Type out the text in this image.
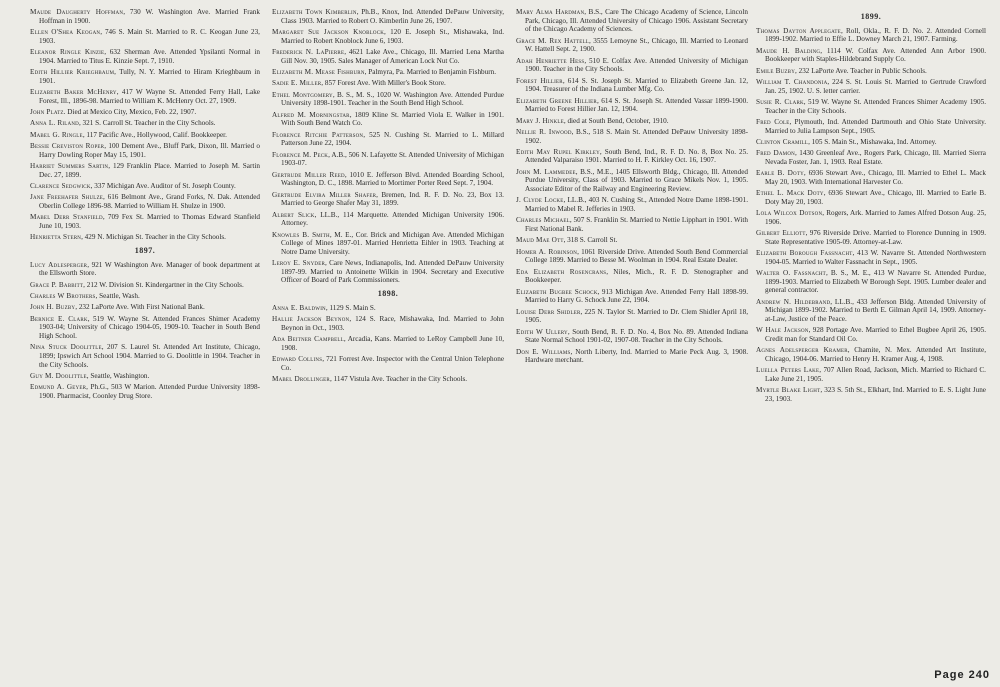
Maude Daugherty Hoffman, 730 W. Washington Ave. Married Frank Hoffman in 1900.
Ellen O'Shea Keogan, 746 S. Main St. Married to R. C. Keogan June 23, 1903.
Eleanor Ringle Kinzie, 632 Sherman Ave. Attended Ypsilanti Normal in 1904. Married to Titus E. Kinzie Sept. 7, 1910.
Edith Hillier Krieghbaum, Tully, N. Y. Married to Hiram Krieghbaum in 1901.
Elizabeth Baker McHenry, 417 W Wayne St. Attended Ferry Hall, Lake Forest, Ill., 1896-98. Married to William K. McHenry Oct. 27, 1909.
John Platz. Died at Mexico City, Mexico, Feb. 22, 1907.
Anna L. Riland, 321 S. Carroll St. Teacher in the City Schools.
Mabel G. Ringle, 117 Pacific Ave., Hollywood, Calif. Bookkeeper.
Bessie Creviston Roper, 100 Dement Ave., Bluff Park, Dixon, Ill. Married o Harry Dowling Roper May 15, 1901.
Harriet Summers Sartin, 129 Franklin Place. Married to Joseph M. Sartin Dec. 27, 1899.
Clarence Sedgwick, 337 Michigan Ave. Auditor of St. Joseph County.
Jane Freehafer Shulze, 616 Belmont Ave., Grand Forks, N. Dak. Attended Oberlin College 1896-98. Married to William H. Shulze in 1900.
Mabel Derr Stanfield, 709 Fex St. Married to Thomas Edward Stanfield June 10, 1903.
Henrietta Stern, 429 N. Michigan St. Teacher in the City Schools.
1897.
Lucy Adlesperger, 921 W Washington Ave. Manager of book department at the Ellsworth Store.
Grace P. Babbitt, 212 W. Division St. Kindergartner in the City Schools.
Charles W Brothers, Seattle, Wash.
John H. Buzby, 232 LaPorte Ave. With First National Bank.
Bernice E. Clark, 519 W. Wayne St. Attended Frances Shimer Academy 1903-04; University of Chicago 1904-05, 1909-10. Teacher in South Bend High School.
Nina Stuck Doolittle, 207 S. Laurel St. Attended Art Institute, Chicago, 1899; Ipswich Art School 1904. Married to G. Doolittle in 1904. Teacher in the City Schools.
Guy M. Doolittle, Seattle, Washington.
Edmund A. Geyer, Ph.G., 503 W Marion. Attended Purdue University 1898-1900. Pharmacist, Coonley Drug Store.
Elizabeth Town Kimberlin, Ph.B., Knox, Ind. Attended DePauw University, Class 1903. Married to Robert O. Kimberlin June 26, 1907.
Margaret Sue Jackson Knoblock, 120 E. Joseph St., Mishawaka, Ind. Married to Robert Knoblock June 6, 1903.
Frederick N. LaPierre, 4621 Lake Ave., Chicago, Ill. Married Lena Martha Gill Nov. 30, 1905. Sales Manager of American Lock Nut Co.
Elizabeth M. Mease Fishburn, Palmyra, Pa. Married to Benjamin Fishburn.
Sadie E. Miller, 857 Forest Ave. With Miller's Book Store.
Ethel Montgomery, B. S., M. S., 1020 W. Washington Ave. Attended Purdue University 1898-1901. Teacher in the South Bend High School.
Alfred M. Morningstar, 1809 Kline St. Married Viola E. Walker in 1901. With South Bend Watch Co.
Florence Ritchie Patterson, 525 N. Cushing St. Married to L. Millard Patterson June 22, 1904.
Florence M. Peck, A.B., 506 N. Lafayette St. Attended University of Michigan 1903-07.
Gertrude Miller Reed, 1010 E. Jefferson Blvd. Attended Boarding School, Washington, D. C., 1898. Married to Mortimer Porter Reed Sept. 7, 1904.
Gertrude Elvira Miller Shafer, Bremen, Ind. R. F. D. No. 23, Box 13. Married to George Shafer May 31, 1899.
Albert Slick, LL.B., 114 Marquette. Attended Michigan University 1906. Attorney.
Knowles B. Smith, M. E., Cor. Brick and Michigan Ave. Attended Michigan College of Mines 1897-01. Married Henrietta Eihler in 1903. Teaching at Notre Dame University.
Leroy E. Snyder, Care News, Indianapolis, Ind. Attended DePauw University 1897-99. Married to Antoinette Wilkin in 1904. Secretary and Executive Officer of Board of Park Commissioners.
1898.
Anna E. Baldwin, 1129 S. Main S.
Hallie Jackson Beynon, 124 S. Race, Mishawaka, Ind. Married to John Beynon in Oct., 1903.
Ada Beitner Campbell, Arcadia, Kans. Married to LeRoy Campbell June 10, 1908.
Edward Collins, 721 Forrest Ave. Inspector with the Central Union Telephone Co.
Mabel Drollinger, 1147 Vistula Ave. Teacher in the City Schools.
Mary Alma Hardman, B.S., Care The Chicago Academy of Science, Lincoln Park, Chicago, Ill. Attended University of Chicago 1906. Assistant Secretary of the Chicago Academy of Sciences.
Grace M. Rex Hattell, 3555 Lemoyne St., Chicago, Ill. Married to Leonard W. Hattell Sept. 2, 1900.
Adah Henriette Hess, 510 E. Colfax Ave. Attended University of Michigan 1900. Teacher in the City Schools.
Forest Hillier, 614 S. St. Joseph St. Married to Elizabeth Greene Jan. 12, 1904. Treasurer of the Indiana Lumber Mfg. Co.
Elizabeth Greene Hillier, 614 S. St. Joseph St. Attended Vassar 1899-1900. Married to Forest Hillier Jan. 12, 1904.
Mary J. Hinkle, died at South Bend, October, 1910.
Nellie R. Inwood, B.S., 518 S. Main St. Attended DePauw University 1898-1902.
Edith May Rupel Kirkley, South Bend, Ind., R. F. D. No. 8, Box No. 25. Attended Valparaiso 1901. Married to H. F. Kirkley Oct. 16, 1907.
John M. Lammedee, B.S., M.E., 1405 Ellsworth Bldg., Chicago, Ill. Attended Purdue University, Class of 1903. Married to Grace Mikels Nov. 1, 1905. Associate Editor of the Railway and Engineering Review.
J. Clyde Locke, LL.B., 403 N. Cushing St., Attended Notre Dame 1898-1901. Married to Mabel R. Jefferies in 1903.
Charles Michael, 507 S. Franklin St. Married to Nettie Lipphart in 1901. With First National Bank.
Maud Mae Ott, 318 S. Carroll St.
Homer A. Robinson, 1061 Riverside Drive. Attended South Bend Commercial College 1899. Married to Besse M. Woolman in 1904. Real Estate Dealer.
Eda Elizabeth Rosencrans, Niles, Mich., R. F. D. Stenographer and Bookkeeper.
Elizabeth Bugbee Schock, 913 Michigan Ave. Attended Ferry Hall 1898-99. Married to Harry G. Schock June 22, 1904.
Louise Derr Shidler, 225 N. Taylor St. Married to Dr. Clem Shidler April 18, 1905.
Edith W Ullery, South Bend, R. F. D. No. 4, Box No. 89. Attended Indiana State Normal School 1901-02, 1907-08. Teacher in the City Schools.
Don E. Williams, North Liberty, Ind. Married to Marie Peck Aug. 3, 1908. Hardware merchant.
1899.
Thomas Dayton Applegate, Roll, Okla., R. F. D. No. 2. Attended Cornell 1899-1902. Married to Effie L. Downey March 21, 1907. Farming.
Maude H. Balding, 1114 W. Colfax Ave. Attended Ann Arbor 1900. Bookkeeper with Staples-Hildebrand Supply Co.
Emile Buzby, 232 LaPorte Ave. Teacher in Public Schools.
William T. Chandonia, 224 S. St. Louis St. Married to Gertrude Crawford Jan. 25, 1902. U. S. letter carrier.
Susie R. Clark, 519 W. Wayne St. Attended Frances Shimer Academy 1905. Teacher in the City Schools.
Fred Cole, Plymouth, Ind. Attended Dartmouth and Ohio State University. Married to Julia Lampson Sept., 1905.
Clinton Cramill, 105 S. Main St., Mishawaka, Ind. Attorney.
Fred Damon, 1430 Greenleaf Ave., Rogers Park, Chicago, Ill. Married Sierra Nevada Foster, Jan. 1, 1903. Real Estate.
Earle B. Doty, 6936 Stewart Ave., Chicago, Ill. Married to Ethel L. Mack May 20, 1903. With International Harvester Co.
Ethel L. Mack Doty, 6936 Stewart Ave., Chicago, Ill. Married to Earle B. Doty May 20, 1903.
Lola Wilcox Dotson, Rogers, Ark. Married to James Alfred Dotson Aug. 25, 1906.
Gilbert Elliott, 976 Riverside Drive. Married to Florence Dunning in 1909. State Representative 1905-09. Attorney-at-Law.
Elizabeth Borough Fassnacht, 413 W. Navarre St. Attended Northwestern 1904-05. Married to Walter Fassnacht in Sept., 1905.
Walter O. Fassnacht, B. S., M. E., 413 W Navarre St. Attended Purdue, 1899-1903. Married to Elizabeth W Borough Sept. 1905. Lumber dealer and general contractor.
Andrew N. Hildebrand, LL.B., 433 Jefferson Bldg. Attended University of Michigan 1899-1902. Married to Berth E. Gilman April 14, 1909. Attorney-at-Law, Justice of the Peace.
W Hale Jackson, 928 Portage Ave. Married to Ethel Bugbee April 26, 1905. Credit man for Standard Oil Co.
Agnes Adelsperger Kramer, Chamite, N. Mex. Attended Art Institute, Chicago, 1904-06. Married to Henry H. Kramer Aug. 4, 1908.
Luella Peters Lake, 707 Allen Road, Jackson, Mich. Married to Richard C. Lake June 21, 1905.
Myrtle Blake Light, 323 S. 5th St., Elkhart, Ind. Married to E. S. Light June 23, 1903.
Page 240
